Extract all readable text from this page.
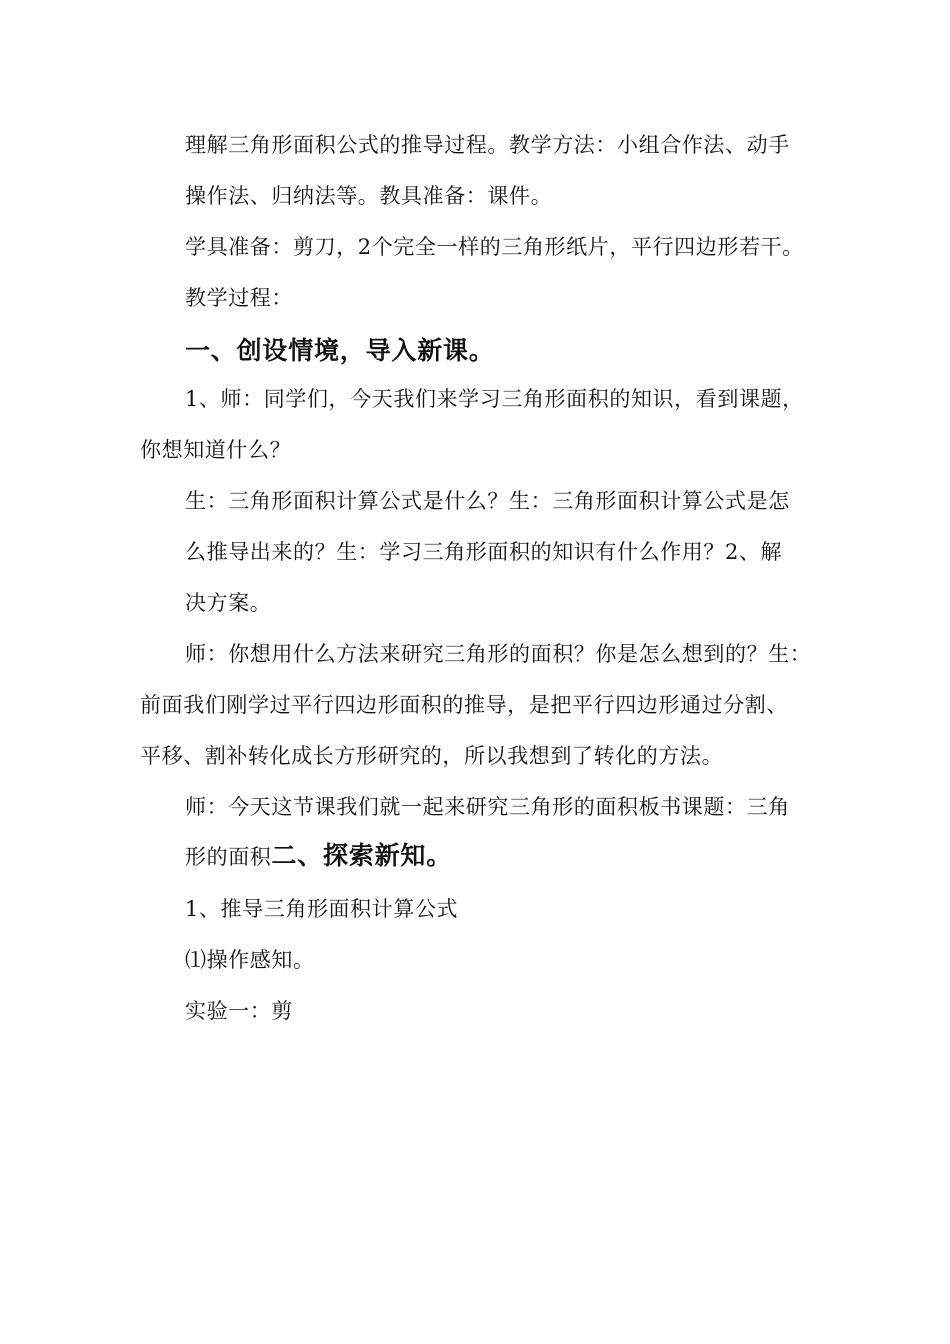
理解三角形面积公式的推导过程。教学方法：小组合作法、动手
操作法、归纳法等。教具准备：课件。
学具准备：剪刀，2个完全一样的三角形纸片，平行四边形若干。
教学过程：
一、创设情境，导入新课。
1、师：同学们，今天我们来学习三角形面积的知识，看到课题，
你想知道什么？
生：三角形面积计算公式是什么？生：三角形面积计算公式是怎
么推导出来的？生：学习三角形面积的知识有什么作用？2、解
决方案。
师：你想用什么方法来研究三角形的面积？你是怎么想到的？生：
前面我们刚学过平行四边形面积的推导，是把平行四边形通过分割、
平移、割补转化成长方形研究的，所以我想到了转化的方法。
师：今天这节课我们就一起来研究三角形的面积板书课题：三角
形的面积二、探索新知。
1、推导三角形面积计算公式
⑴操作感知。
实验一：剪
